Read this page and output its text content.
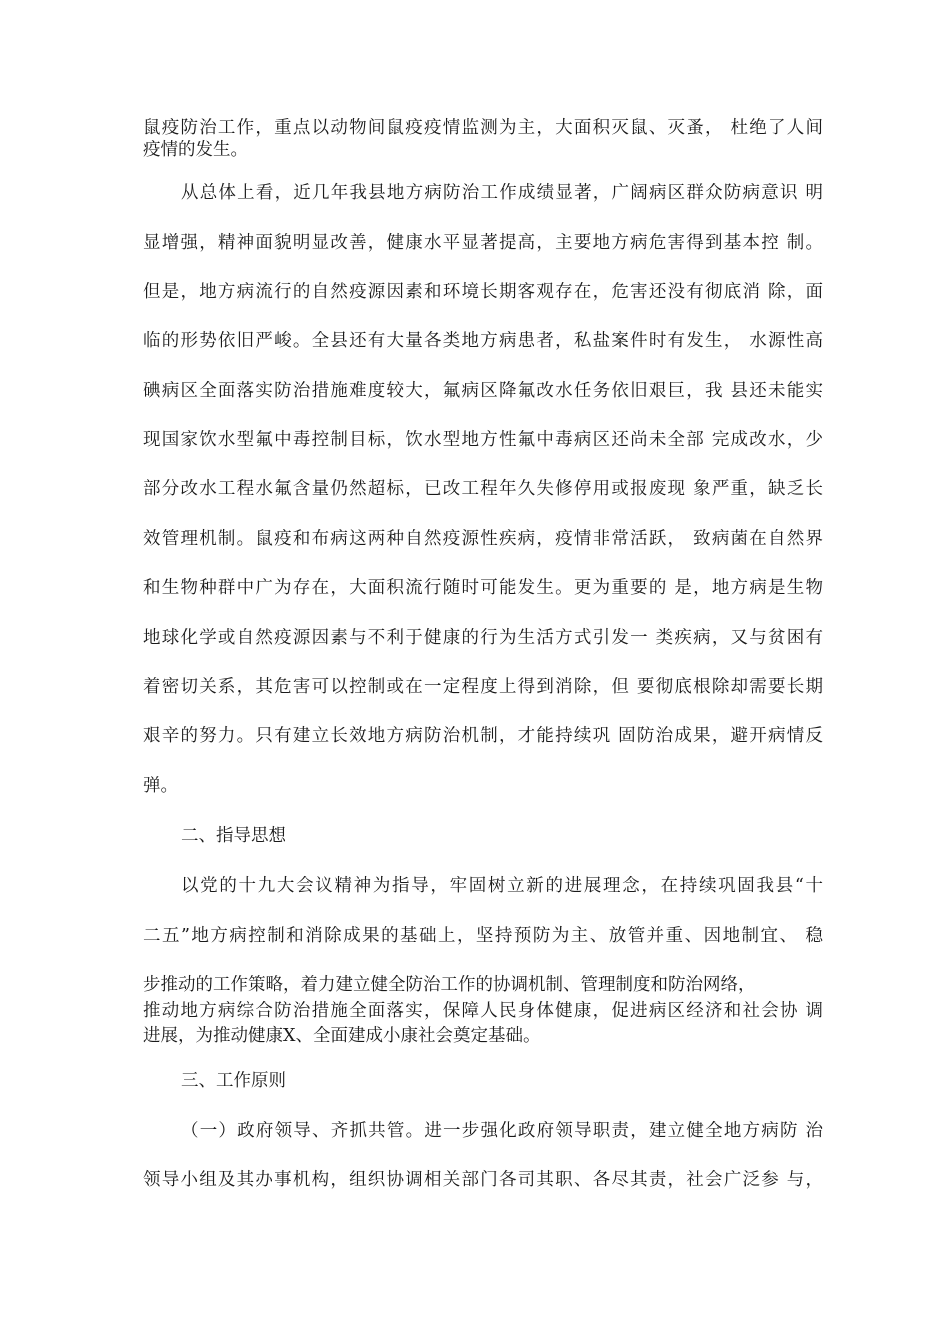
鼠疫防治工作，重点以动物间鼠疫疫情监测为主，大面积灭鼠、灭蚤， 杜绝了人间
疫情的发生。
从总体上看，近几年我县地方病防治工作成绩显著，广阔病区群众防病意识 明
显增强，精神面貌明显改善，健康水平显著提高，主要地方病危害得到基本控 制。
但是，地方病流行的自然疫源因素和环境长期客观存在，危害还没有彻底消 除，面
临的形势依旧严峻。全县还有大量各类地方病患者，私盐案件时有发生， 水源性高
碘病区全面落实防治措施难度较大，氟病区降氟改水任务依旧艰巨，我 县还未能实
现国家饮水型氟中毒控制目标，饮水型地方性氟中毒病区还尚未全部 完成改水，少
部分改水工程水氟含量仍然超标，已改工程年久失修停用或报废现 象严重，缺乏长
效管理机制。鼠疫和布病这两种自然疫源性疾病，疫情非常活跃， 致病菌在自然界
和生物种群中广为存在，大面积流行随时可能发生。更为重要的 是，地方病是生物
地球化学或自然疫源因素与不利于健康的行为生活方式引发一 类疾病，又与贫困有
着密切关系，其危害可以控制或在一定程度上得到消除，但 要彻底根除却需要长期
艰辛的努力。只有建立长效地方病防治机制，才能持续巩 固防治成果，避开病情反
弹。
二、指导思想
以党的十九大会议精神为指导，牢固树立新的进展理念，在持续巩固我县“十
二五”地方病控制和消除成果的基础上，坚持预防为主、放管并重、因地制宜、 稳
步推动的工作策略，着力建立健全防治工作的协调机制、管理制度和防治网络，
推动地方病综合防治措施全面落实，保障人民身体健康，促进病区经济和社会协 调
进展，为推动健康X、全面建成小康社会奠定基础。
三、工作原则
（一）政府领导、齐抓共管。进一步强化政府领导职责，建立健全地方病防 治
领导小组及其办事机构，组织协调相关部门各司其职、各尽其责，社会广泛参 与，
